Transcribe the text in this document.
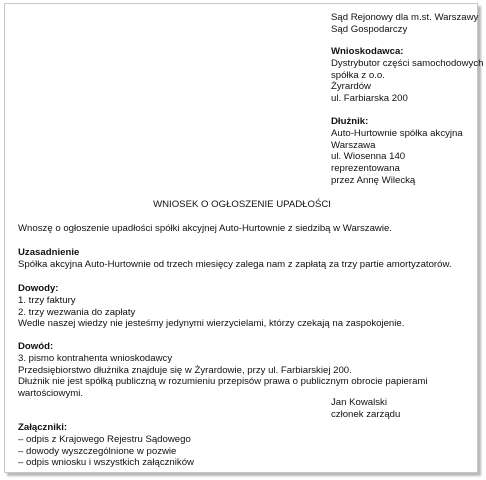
Sąd Rejonowy dla m.st. Warszawy
Sąd Gospodarczy
Wnioskodawca:
Dystrybutor części samochodowych
spółka z o.o.
Żyrardów
ul. Farbiarska 200
Dłużnik:
Auto-Hurtownie spółka akcyjna
Warszawa
ul. Wiosenna 140
reprezentowana
przez Annę Wilecką
WNIOSEK O OGŁOSZENIE UPADŁOŚCI
Wnoszę o ogłoszenie upadłości spółki akcyjnej Auto-Hurtownie z siedzibą w Warszawie.
Uzasadnienie
Spółka akcyjna Auto-Hurtownie od trzech miesięcy zalega nam z zapłatą za trzy partie amortyzatorów.
Dowody:
1. trzy faktury
2. trzy wezwania do zapłaty
Wedle naszej wiedzy nie jesteśmy jedynymi wierzycielami, którzy czekają na zaspokojenie.
Dowód:
3. pismo kontrahenta wnioskodawcy
Przedsiębiorstwo dłużnika znajduje się w Żyrardowie, przy ul. Farbiarskiej 200.
Dłużnik nie jest spółką publiczną w rozumieniu przepisów prawa o publicznym obrocie papierami
wartościowymi.
Jan Kowalski
członek zarządu
Załączniki:
– odpis z Krajowego Rejestru Sądowego
– dowody wyszczególnione w pozwie
– odpis wniosku i wszystkich załączników
